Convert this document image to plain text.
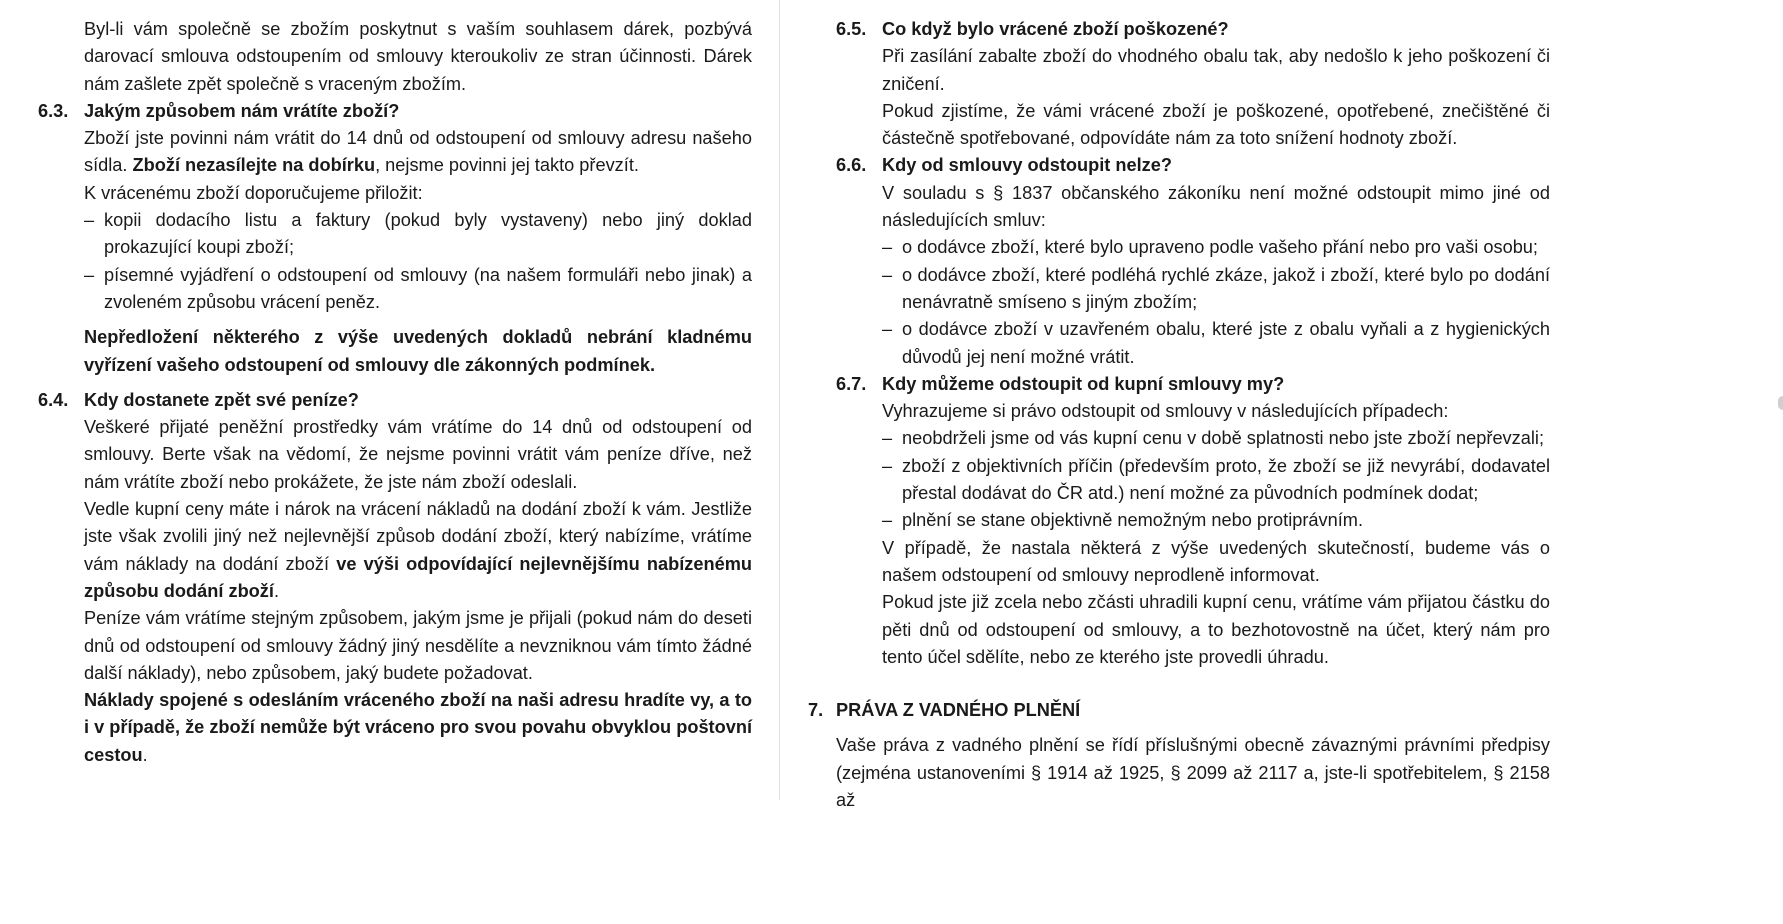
Byl-li vám společně se zbožím poskytnut s vaším souhlasem dárek, pozbývá darovací smlouva odstoupením od smlouvy kteroukoliv ze stran účinnosti. Dárek nám zašlete zpět společně s vraceným zbožím.

6.3. Jakým způsobem nám vrátíte zboží?

Zboží jste povinni nám vrátit do 14 dnů od odstoupení od smlouvy adresu našeho sídla. Zboží nezasílejte na dobírku, nejsme povinni jej takto převzít.

K vrácenému zboží doporučujeme přiložit:

– kopii dodacího listu a faktury (pokud byly vystaveny) nebo jiný doklad prokazující koupi zboží;
– písemné vyjádření o odstoupení od smlouvy (na našem formuláři nebo jinak) a zvoleném způsobu vrácení peněz.

Nepředložení některého z výše uvedených dokladů nebrání kladnému vyřízení vašeho odstoupení od smlouvy dle zákonných podmínek.

6.4. Kdy dostanete zpět své peníze?

Veškeré přijaté peněžní prostředky vám vrátíme do 14 dnů od odstoupení od smlouvy. Berte však na vědomí, že nejsme povinni vrátit vám peníze dříve, než nám vrátíte zboží nebo prokážete, že jste nám zboží odeslali.

Vedle kupní ceny máte i nárok na vrácení nákladů na dodání zboží k vám. Jestliže jste však zvolili jiný než nejlevnější způsob dodání zboží, který nabízíme, vrátíme vám náklady na dodání zboží ve výši odpovídající nejlevnějšímu nabízenému způsobu dodání zboží.

Peníze vám vrátíme stejným způsobem, jakým jsme je přijali (pokud nám do deseti dnů od odstoupení od smlouvy žádný jiný nesdělíte a nevzniknou vám tímto žádné další náklady), nebo způsobem, jaký budete požadovat.

Náklady spojené s odesláním vráceného zboží na naši adresu hradíte vy, a to i v případě, že zboží nemůže být vráceno pro svou povahu obvyklou poštovní cestou.

6.5. Co když bylo vrácené zboží poškozené?

Při zasílání zabalte zboží do vhodného obalu tak, aby nedošlo k jeho poškození či zničení.

Pokud zjistíme, že vámi vrácené zboží je poškozené, opotřebené, znečištěné či částečně spotřebované, odpovídáte nám za toto snížení hodnoty zboží.

6.6. Kdy od smlouvy odstoupit nelze?

V souladu s § 1837 občanského zákoníku není možné odstoupit mimo jiné od následujících smluv:

– o dodávce zboží, které bylo upraveno podle vašeho přání nebo pro vaši osobu;
– o dodávce zboží, které podléhá rychlé zkáze, jakož i zboží, které bylo po dodání nenávratně smíseno s jiným zbožím;
– o dodávce zboží v uzavřeném obalu, které jste z obalu vyňali a z hygienických důvodů jej není možné vrátit.
6.7. Kdy můžeme odstoupit od kupní smlouvy my?

Vyhrazujeme si právo odstoupit od smlouvy v následujících případech:

– neobdrželi jsme od vás kupní cenu v době splatnosti nebo jste zboží nepřevzali;
– zboží z objektivních příčin (především proto, že zboží se již nevyrábí, dodavatel přestal dodávat do ČR atd.) není možné za původních podmínek dodat;
– plnění se stane objektivně nemožným nebo protiprávním.

V případě, že nastala některá z výše uvedených skutečností, budeme vás o našem odstoupení od smlouvy neprodleně informovat.

Pokud jste již zcela nebo zčásti uhradili kupní cenu, vrátíme vám přijatou částku do pěti dnů od odstoupení od smlouvy, a to bezhotovostně na účet, který nám pro tento účel sdělíte, nebo ze kterého jste provedli úhradu.

7. PRÁVA Z VADNÉHO PLNĚNÍ

Vaše práva z vadného plnění se řídí příslušnými obecně závaznými právními předpisy (zejména ustanoveními § 1914 až 1925, § 2099 až 2117 a, jste-li spotřebitelem, § 2158 až
